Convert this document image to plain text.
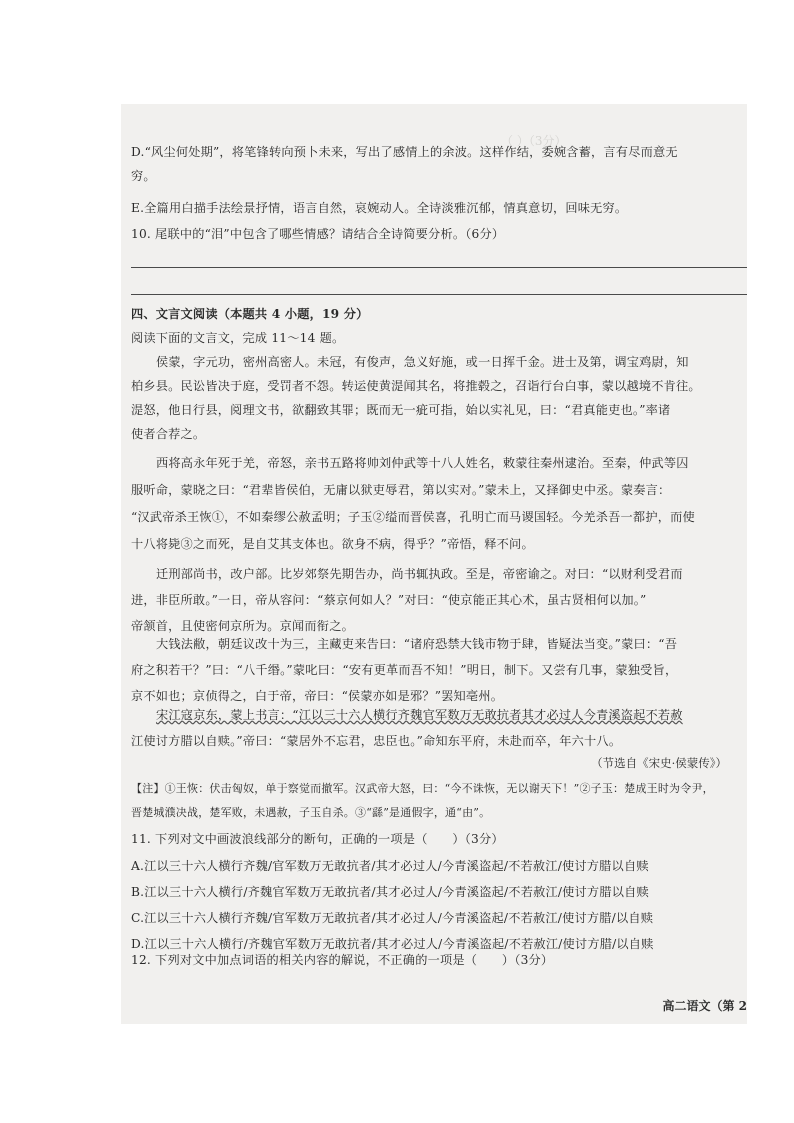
（ ）（3分）
D.“风尘何处期”，将笔锋转向预卜未来，写出了感情上的余波。这样作结，委婉含蓄，言有尽而意无
穷。
E.全篇用白描手法绘景抒情，语言自然，哀婉动人。全诗淡雅沉郁，情真意切，回味无穷。
10. 尾联中的“泪”中包含了哪些情感？请结合全诗简要分析。（6分）
四、文言文阅读（本题共 4 小题，19 分）
阅读下面的文言文，完成 11～14 题。
侯蒙，字元功，密州高密人。未冠，有俊声，急义好施，或一日挥千金。进士及第，调宝鸡尉，知
柏乡县。民讼皆决于庭，受罚者不怨。转运使黄湜闻其名，将推毂之，召诣行台白事，蒙以越境不肯往。
湜怒，他日行县，阅理文书，欲翻致其罪；既而无一疵可指，始以实礼见，曰：“君真能吏也。”率诸
使者合荐之。
西将高永年死于羌，帝怒，亲书五路将帅刘仲武等十八人姓名，敕蒙往秦州逮治。至秦，仲武等囚
服听命，蒙晓之曰：“君辈皆侯伯，无庸以狱吏辱君，第以实对。”蒙未上，又择御史中丞。蒙奏言：
“汉武帝杀王恢①，不如秦缪公赦孟明；子玉②缢而晋侯喜，孔明亡而马谡国轻。今羌杀吾一都护，而使
十八将毙③之而死，是自艾其支体也。欲身不病，得乎？”帝悟，释不问。
迁刑部尚书，改户部。比岁郊祭先期告办，尚书辄执政。至是，帝密谕之。对曰：“以财利受君而
进，非臣所敢。”一日，帝从容问：“蔡京何如人？”对曰：“使京能正其心术，虽古贤相何以加。”
帝颔首，且使密伺京所为。京闻而衔之。
大钱法敝，朝廷议改十为三，主藏吏来告曰：“诸府恐禁大钱市物于肆，皆疑法当变。”蒙曰：“吾
府之积若干？”曰：“八千缗。”蒙叱曰：“安有更革而吾不知！”明日，制下。又尝有几事，蒙独受旨，
京不如也；京侦得之，白于帝，帝曰：“侯蒙亦如是邪？”罢知亳州。
宋江寇京东，蒙上书言：“江以三十六人横行齐魏官军数万无敢抗者其才必过人今青溪盗起不若赦
江使讨方腊以自赎。”帝曰：“蒙居外不忘君，忠臣也。”命知东平府，未赴而卒，年六十八。
（节选自《宋史·侯蒙传》）
【注】①王恢：伏击匈奴，单于察觉而撤军。汉武帝大怒，曰：“今不诛恢，无以谢天下！”②子玉：楚成王时为令尹，
晋楚城濮决战，楚军败，未遇赦，子玉自杀。③“繇”是通假字，通“由”。
11. 下列对文中画波浪线部分的断句，正确的一项是（　　）（3分）
A.江以三十六人横行齐魏/官军数万无敢抗者/其才必过人/今青溪盗起/不若赦江/使讨方腊以自赎
B.江以三十六人横行/齐魏官军数万无敢抗者/其才必过人/今青溪盗起/不若赦江/使讨方腊以自赎
C.江以三十六人横行齐魏/官军数万无敢抗者/其才必过人/今青溪盗起/不若赦江/使讨方腊/以自赎
D.江以三十六人横行/齐魏官军数万无敢抗者/其才必过人/今青溪盗起/不若赦江/使讨方腊/以自赎
12. 下列对文中加点词语的相关内容的解说，不正确的一项是（　　）（3分）
高二语文（第 2
